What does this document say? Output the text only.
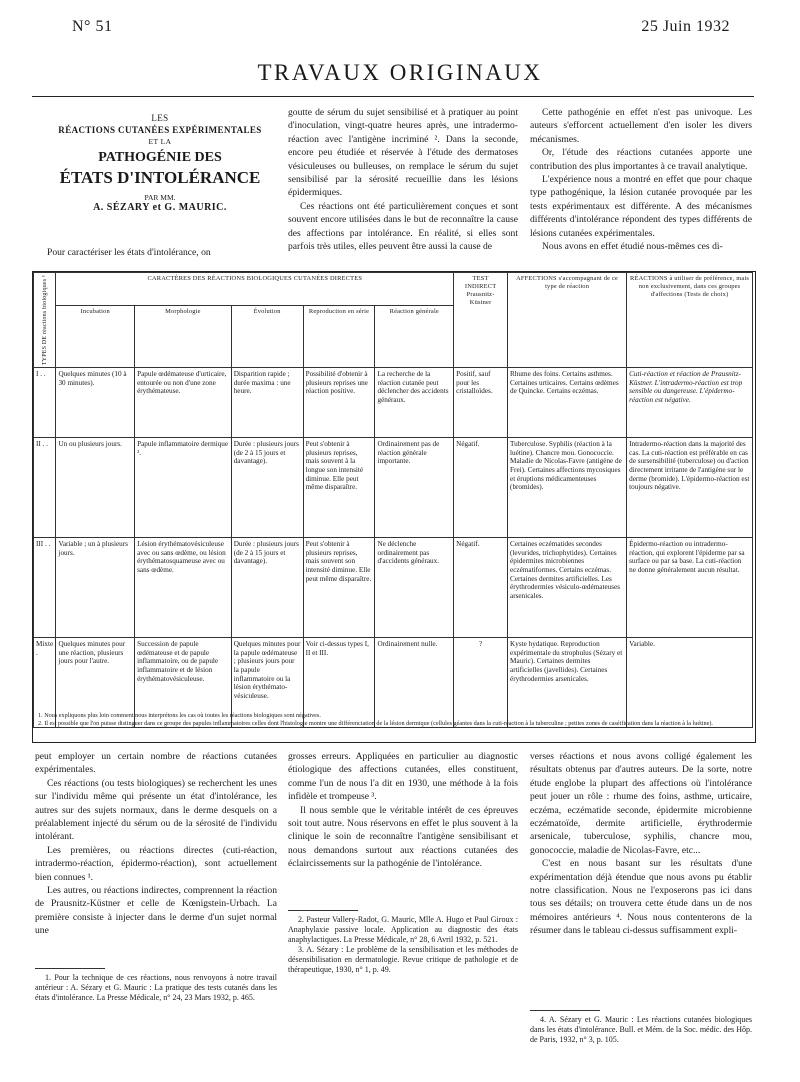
N° 51	25 Juin 1932
TRAVAUX ORIGINAUX
LES
RÉACTIONS CUTANÉES EXPÉRIMENTALES
ET LA
PATHOGÉNIE DES
ÉTATS D'INTOLÉRANCE
PAR MM.
A. SÉZARY et G. MAURIC.

Pour caractériser les états d'intolérance, on

goutte de sérum du sujet sensibilisé et à pratiquer au point d'inoculation, vingt-quatre heures après, une intradermo-réaction avec l'antigène incriminé ². Dans la seconde, encore peu étudiée et réservée à l'étude des dermatoses vésiculeuses ou bulleuses, on remplace le sérum du sujet sensibilisé par la sérosité recueillie dans les lésions épidermiques.

Ces réactions ont été particulièrement conçues et sont souvent encore utilisées dans le but de reconnaître la cause des affections par intolérance. En réalité, si elles sont parfois très utiles, elles peuvent être aussi la cause de

Cette pathogénie en effet n'est pas univoque. Les auteurs s'efforcent actuellement d'en isoler les divers mécanismes.

Or, l'étude des réactions cutanées apporte une contribution des plus importantes à ce travail analytique.

L'expérience nous a montré en effet que pour chaque type pathogénique, la lésion cutanée provoquée par les tests expérimentaux est différente. A des mécanismes différents d'intolérance répondent des types différents de lésions cutanées expérimentales.

Nous avons en effet étudié nous-mêmes ces di-

TYPES DE réactions biologiques ¹	CARACTÈRES DES RÉACTIONS BIOLOGIQUES CUTANÉES DIRECTES					TEST INDIRECT Prausnitz-Küstner	AFFECTIONS s'accompagnant de ce type de réaction	RÉACTIONS à utiliser de préférence, mais non exclusivement, dans ces groupes d'affections (Tests de choix)
	Incubation	Morphologie	Évolution	Reproduction en série	Réaction générale			
I . .	Quelques minutes (10 à 30 minutes).	Papule œdémateuse d'urticaire, entourée ou non d'une zone érythémateuse.	Disparition rapide ; durée maxima : une heure.	Possibilité d'obtenir à plusieurs reprises une réaction positive.	La recherche de la réaction cutanée peut déclencher des accidents généraux.	Positif, sauf pour les cristalloïdes.	Rhume des foins. Certains asthmes. Certaines urticaires. Certains œdèmes de Quincke. Certains eczémas.	Cuti-réaction et réaction de Prausnitz-Küstner. L'intradermo-réaction est trop sensible ou dangereuse. L'épidermo-réaction est négative.
II . .	Un ou plusieurs jours.	Papule inflammatoire dermique ².	Durée : plusieurs jours (de 2 à 15 jours et davantage).	Peut s'obtenir à plusieurs reprises, mais souvent à la longue son intensité diminue. Elle peut même disparaître.	Ordinairement pas de réaction générale importante.	Négatif.	Tuberculose. Syphilis (réaction à la luétine). Chancre mou. Gonococcie. Maladie de Nicolas-Favre (antigène de Frei). Certaines affections mycosiques et éruptions médicamenteuses (bromides).	Intradermo-réaction dans la majorité des cas. La cuti-réaction est préférable en cas de sursensibilité (tuberculose) ou d'action directement irritante de l'antigène sur le derme (bromide). L'épidermo-réaction est toujours négative.
III . .	Variable ; un à plusieurs jours.	Lésion érythématovésiculeuse avec ou sans œdème, ou lésion érythématosquameuse avec ou sans œdème.	Durée : plusieurs jours (de 2 à 15 jours et davantage).	Peut s'obtenir à plusieurs reprises, mais souvent son intensité diminue. Elle peut même disparaître.	Ne déclenche ordinairement pas d'accidents généraux.	Négatif.	Certaines eczématides secondes (levurides, trichophytides). Certaines épidermites microbiennes eczématiformes. Certains eczémas. Certaines dermites artificielles. Les érythrodermies vésiculo-œdémateuses arsenicales.	Épidermo-réaction ou intradermo-réaction, qui explorent l'épiderme par sa surface ou par sa base. La cuti-réaction ne donne généralement aucun résultat.
Mixte.	Quelques minutes pour une réaction, plusieurs jours pour l'autre.	Succession de papule œdémateuse et de papule inflammatoire, ou de papule inflammatoire et de lésion érythématovésiculeuse.	Quelques minutes pour la papule œdémateuse ; plusieurs jours pour la papule inflammatoire ou la lésion érythémato-vésiculeuse.	Voir ci-dessus types I, II et III.	Ordinairement nulle.	?	Kyste hydatique. Reproduction expérimentale du strophulus (Sézary et Mauric). Certaines dermites artificielles (javellides). Certaines érythrodermies arsenicales.	Variable.
1. Nous expliquons plus loin comment nous interprétons les cas où toutes les réactions biologiques sont négatives.
2. Il est possible que l'on puisse distinguer dans ce groupe des papules inflammatoires celles dont l'histologie montre une différenciation de la lésion dermique (cellules géantes dans la cuti-réaction à la tuberculine ; petites zones de caséification dans la réaction à la luétine).

peut employer un certain nombre de réactions cutanées expérimentales.

Ces réactions (ou tests biologiques) se recherchent les unes sur l'individu même qui présente un état d'intolérance, les autres sur des sujets normaux, dans le derme desquels on a préalablement injecté du sérum ou de la sérosité de l'individu intolérant.

Les premières, ou réactions directes (cuti-réaction, intradermo-réaction, épidermo-réaction), sont actuellement bien connues ¹.

Les autres, ou réactions indirectes, comprennent la réaction de Prausnitz-Küstner et celle de Kœnigstein-Urbach. La première consiste à injecter dans le derme d'un sujet normal une

1. Pour la technique de ces réactions, nous renvoyons à notre travail antérieur : A. Sézary et G. Mauric : La pratique des tests cutanés dans les états d'intolérance. La Presse Médicale, n° 24, 23 Mars 1932, p. 465.

grosses erreurs. Appliquées en particulier au diagnostic étiologique des affections cutanées, elles constituent, comme l'un de nous l'a dit en 1930, une méthode à la fois infidèle et trompeuse ³.

Il nous semble que le véritable intérêt de ces épreuves soit tout autre. Nous réservons en effet le plus souvent à la clinique le soin de reconnaître l'antigène sensibilisant et nous demandons surtout aux réactions cutanées des éclaircissements sur la pathogénie de l'intolérance.

2. Pasteur Vallery-Radot, G. Mauric, Mlle A. Hugo et Paul Giroux : Anaphylaxie passive locale. Application au diagnostic des états anaphylactiques. La Presse Médicale, n° 28, 6 Avril 1932, p. 521.

3. A. Sézary : Le problème de la sensibilisation et les méthodes de désensibilisation en dermatologie. Revue critique de pathologie et de thérapeutique, 1930, n° 1, p. 49.

verses réactions et nous avons colligé également les résultats obtenus par d'autres auteurs. De la sorte, notre étude englobe la plupart des affections où l'intolérance peut jouer un rôle : rhume des foins, asthme, urticaire, eczéma, eczématide seconde, épidermite microbienne eczématoïde, dermite artificielle, érythrodermie arsenicale, tuberculose, syphilis, chancre mou, gonococcie, maladie de Nicolas-Favre, etc...

C'est en nous basant sur les résultats d'une expérimentation déjà étendue que nous avons pu établir notre classification. Nous ne l'exposerons pas ici dans tous ses détails; on trouvera cette étude dans un de nos mémoires antérieurs ⁴. Nous nous contenterons de la résumer dans le tableau ci-dessus suffisamment expli-

4. A. Sézary et G. Mauric : Les réactions cutanées biologiques dans les états d'intolérance. Bull. et Mém. de la Soc. médic. des Hôp. de Paris, 1932, n° 3, p. 105.
